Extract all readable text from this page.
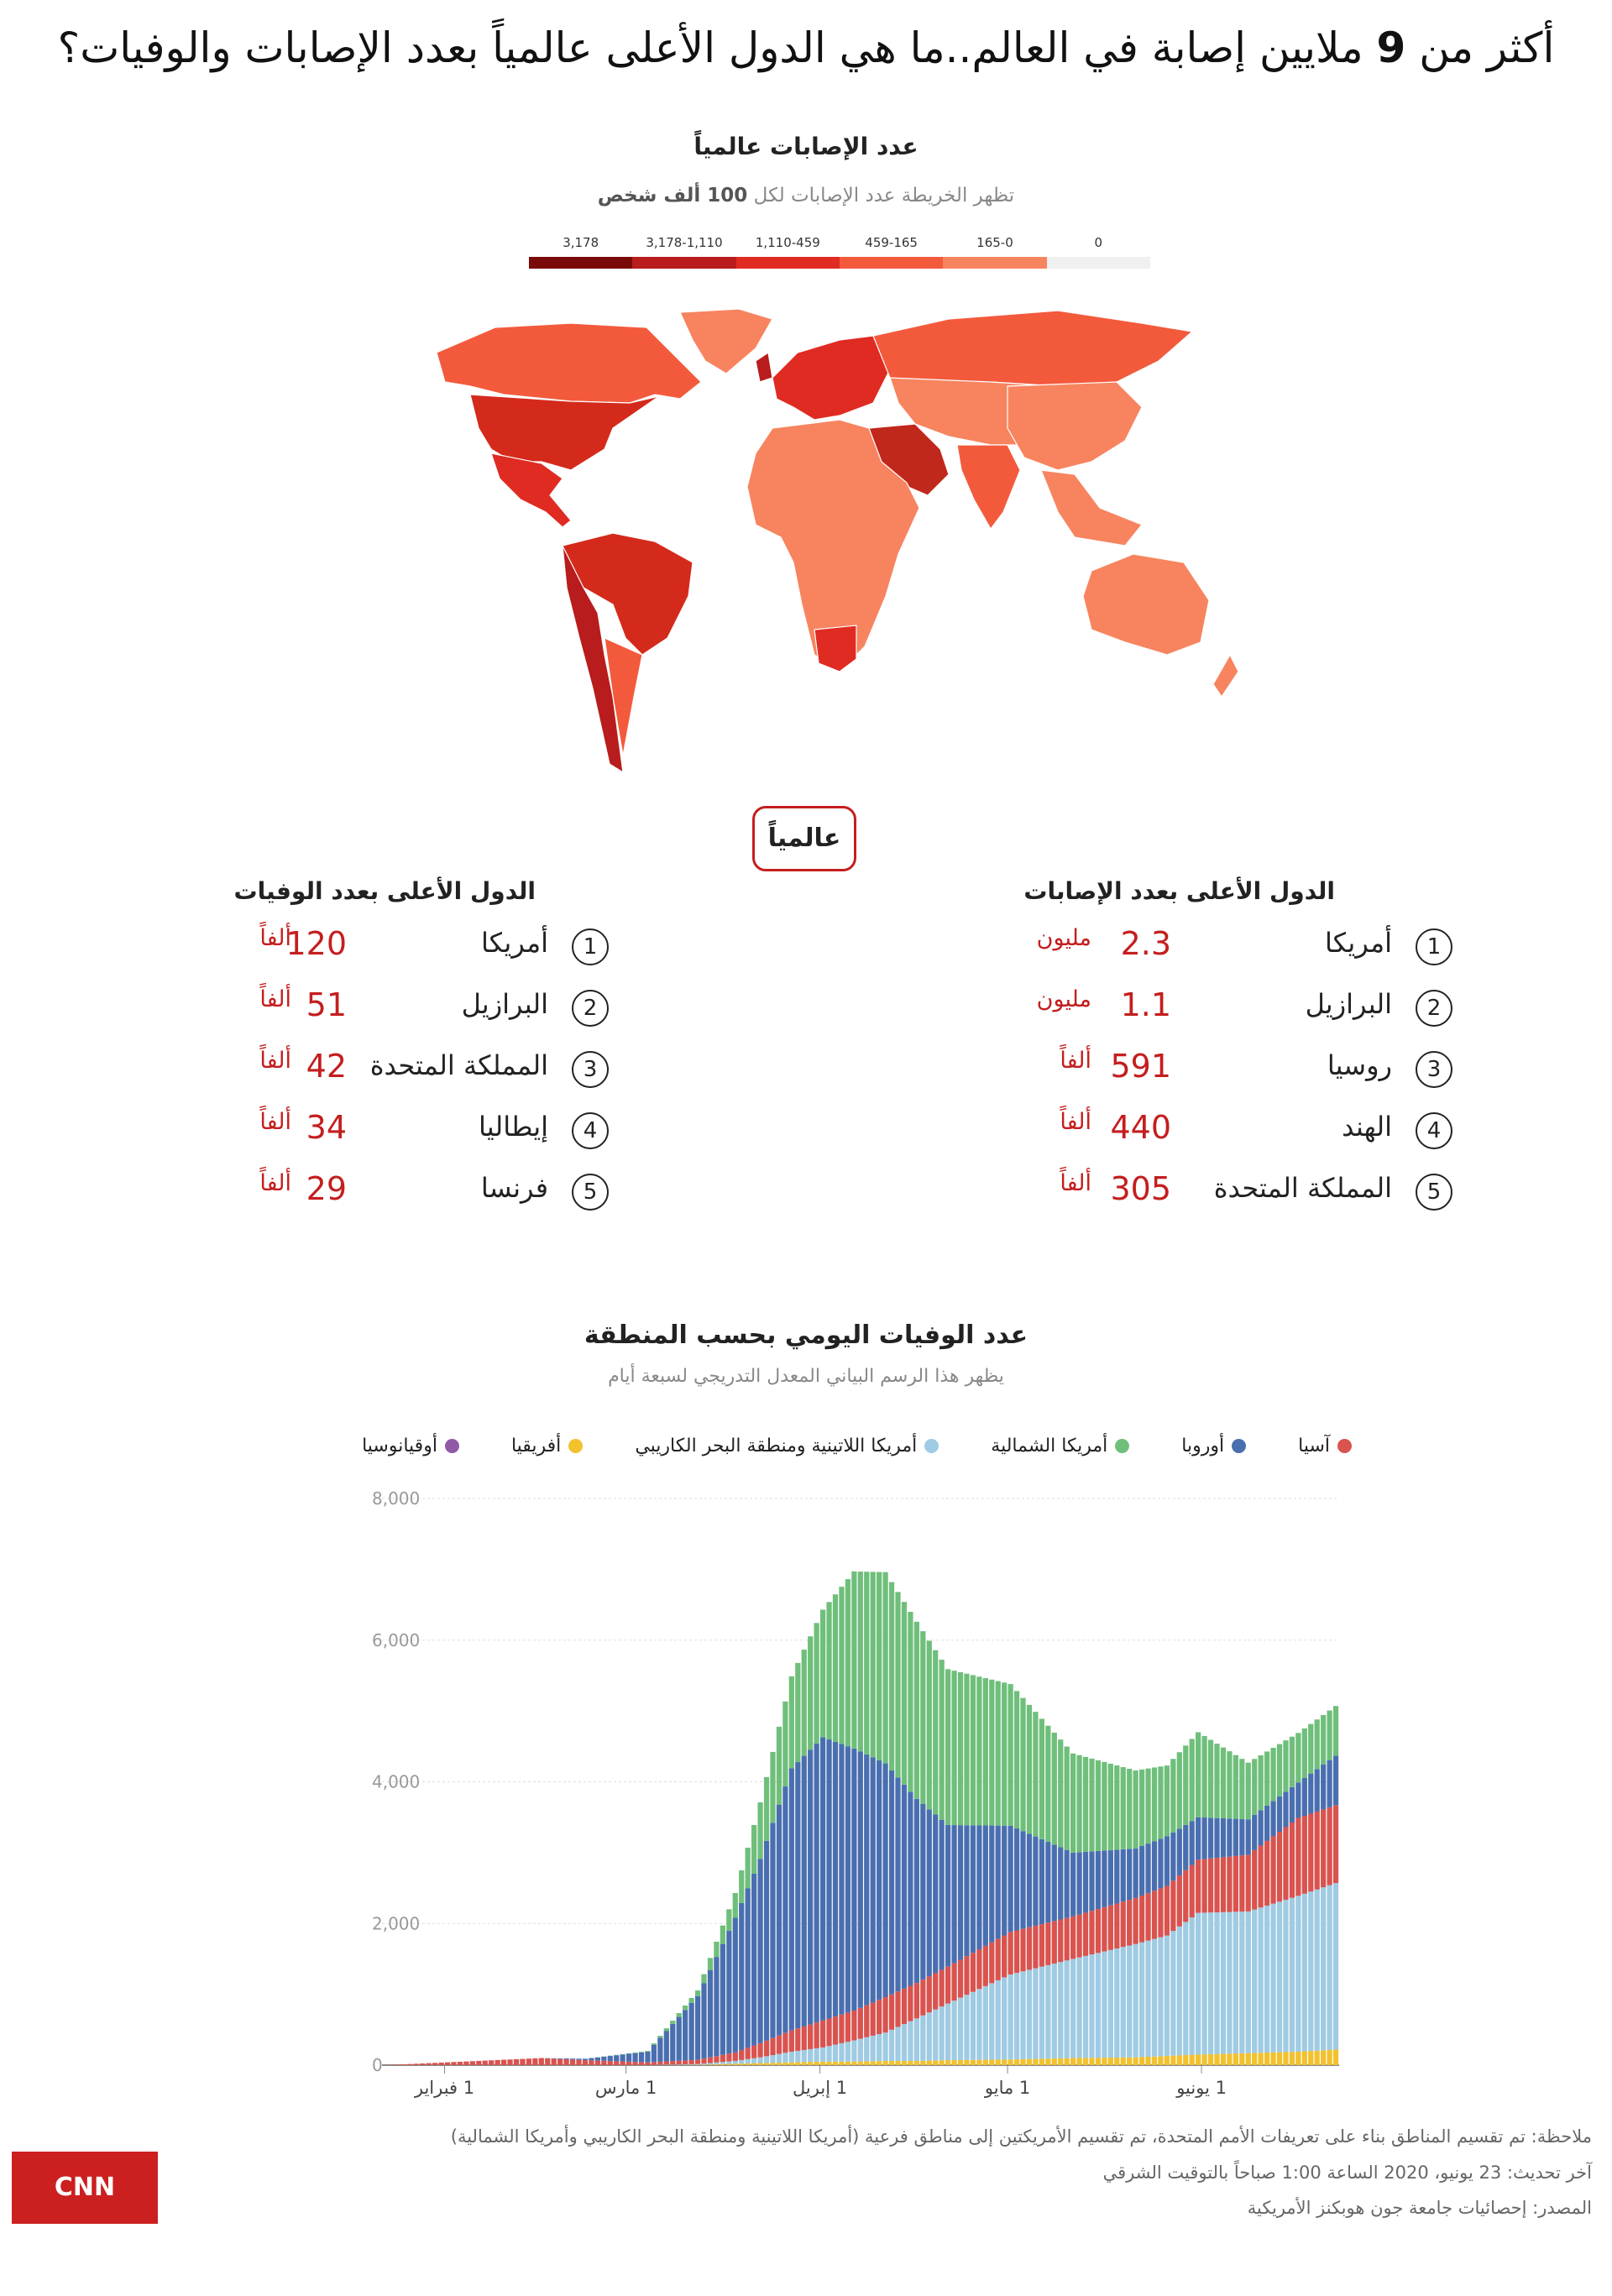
أكثر من 9 ملايين إصابة في العالم..ما هي الدول الأعلى عالمياً بعدد الإصابات والوفيات؟
عدد الإصابات عالمياً
تظهر الخريطة عدد الإصابات لكل 100 ألف شخص
3,178	3,178-1,110	1,110-459	459-165	165-0	0
عالمياً
الدول الأعلى بعدد الإصابات
الدول الأعلى بعدد الوفيات
1
أمريكا
2.3
مليون
2
البرازيل
1.1
مليون
3
روسيا
591
ألفاً
4
الهند
440
ألفاً
5
المملكة المتحدة
305
ألفاً
1
أمريكا
120
ألفاً
2
البرازيل
51
ألفاً
3
المملكة المتحدة
42
ألفاً
4
إيطاليا
34
ألفاً
5
فرنسا
29
ألفاً
عدد الوفيات اليومي بحسب المنطقة
يظهر هذا الرسم البياني المعدل التدريجي لسبعة أيام
آسيا
أوروبا
أمريكا الشمالية
أمريكا اللاتينية ومنطقة البحر الكاريبي
أفريقيا
أوقيانوسيا
0
2,000
4,000
6,000
8,000
1 فبراير	1 مارس	1 إبريل	1 مايو	1 يونيو
ملاحظة: تم تقسيم المناطق بناء على تعريفات الأمم المتحدة، تم تقسيم الأمريكتين إلى مناطق فرعية (أمريكا اللاتينية ومنطقة البحر الكاريبي وأمريكا الشمالية)
آخر تحديث: 23 يونيو، 2020 الساعة 1:00 صباحاً بالتوقيت الشرقي
المصدر: إحصائيات جامعة جون هوبكنز الأمريكية
CNN بالعربية
